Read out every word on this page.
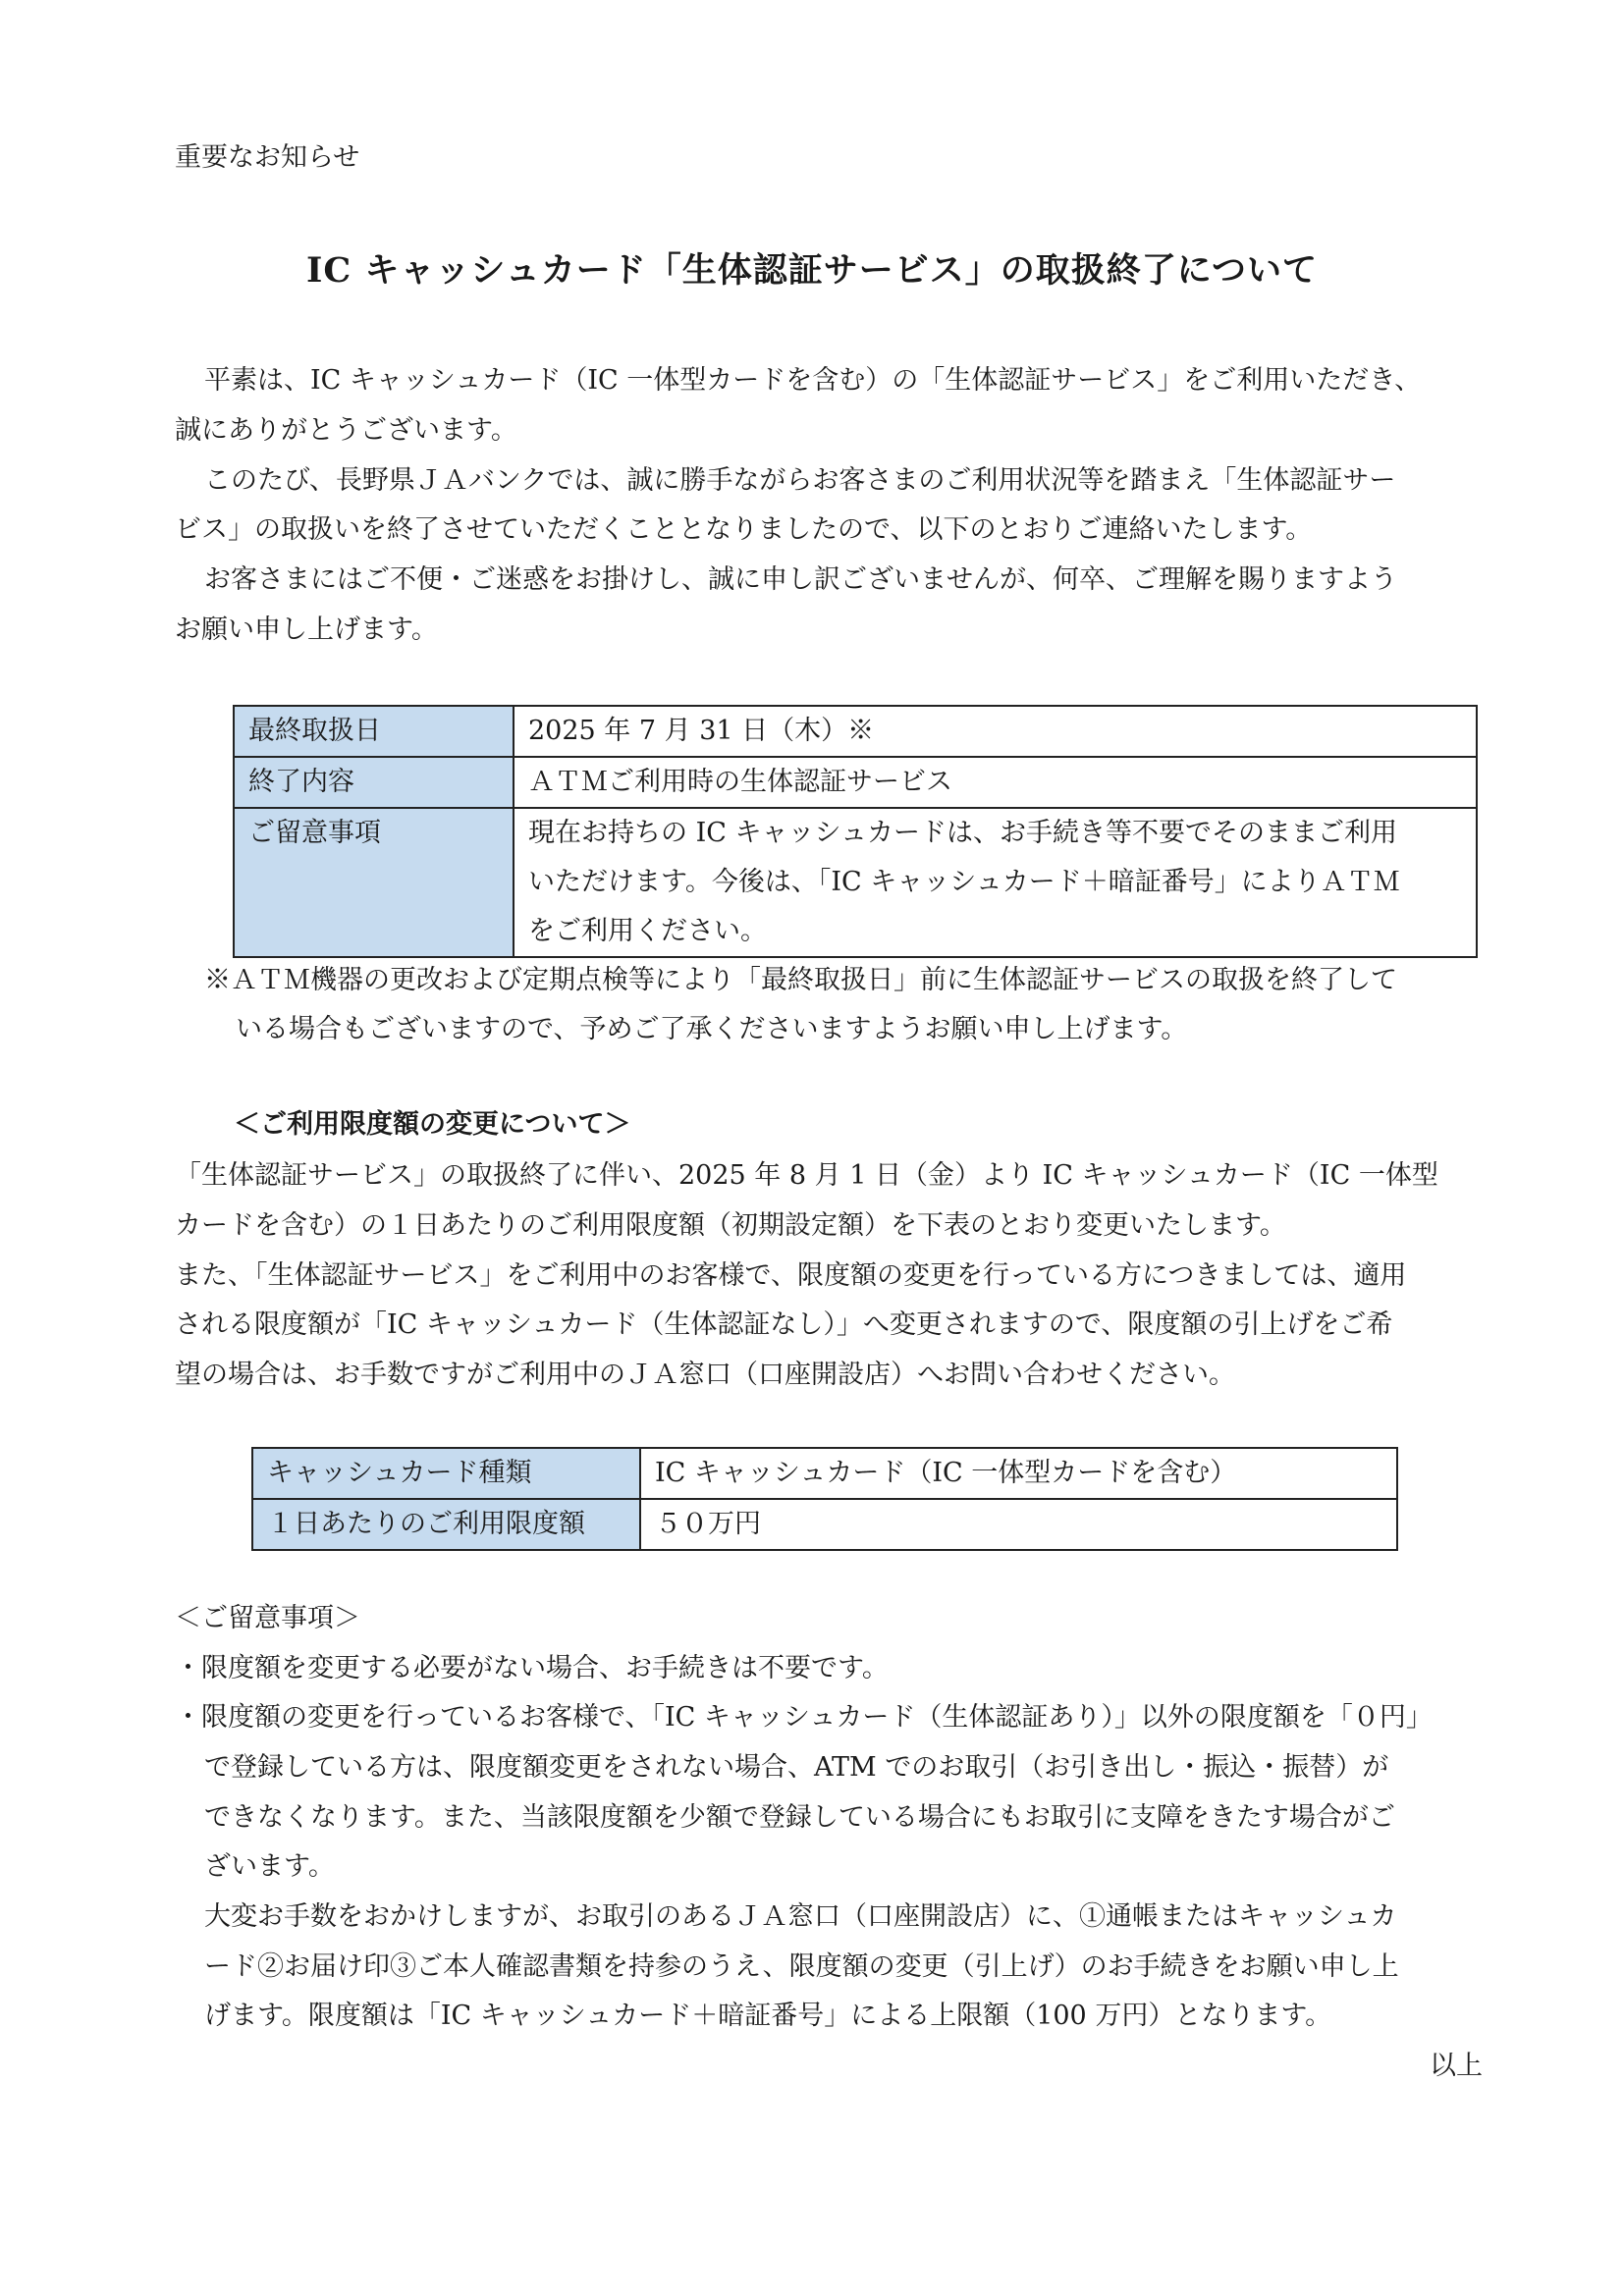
重要なお知らせ
IC キャッシュカード「生体認証サービス」の取扱終了について
平素は、IC キャッシュカード（IC 一体型カードを含む）の「生体認証サービス」をご利用いただき、
誠にありがとうございます。
このたび、長野県ＪＡバンクでは、誠に勝手ながらお客さまのご利用状況等を踏まえ「生体認証サー
ビス」の取扱いを終了させていただくこととなりましたので、以下のとおりご連絡いたします。
お客さまにはご不便・ご迷惑をお掛けし、誠に申し訳ございませんが、何卒、ご理解を賜りますよう
お願い申し上げます。
最終取扱日	2025 年 7 月 31 日（木）※
終了内容	ＡＴＭご利用時の生体認証サービス
ご留意事項	現在お持ちの IC キャッシュカードは、お手続き等不要でそのままご利用
いただけます。今後は、「IC キャッシュカード＋暗証番号」によりＡＴＭ
をご利用ください。
※ＡＴＭ機器の更改および定期点検等により「最終取扱日」前に生体認証サービスの取扱を終了して
いる場合もございますので、予めご了承くださいますようお願い申し上げます。
＜ご利用限度額の変更について＞
「生体認証サービス」の取扱終了に伴い、2025 年 8 月 1 日（金）より IC キャッシュカード（IC 一体型
カードを含む）の１日あたりのご利用限度額（初期設定額）を下表のとおり変更いたします。
また、「生体認証サービス」をご利用中のお客様で、限度額の変更を行っている方につきましては、適用
される限度額が「IC キャッシュカード（生体認証なし）」へ変更されますので、限度額の引上げをご希
望の場合は、お手数ですがご利用中のＪＡ窓口（口座開設店）へお問い合わせください。
キャッシュカード種類	IC キャッシュカード（IC 一体型カードを含む）
１日あたりのご利用限度額	５０万円
＜ご留意事項＞
・限度額を変更する必要がない場合、お手続きは不要です。
・限度額の変更を行っているお客様で、「IC キャッシュカード（生体認証あり）」以外の限度額を「０円」
で登録している方は、限度額変更をされない場合、ATM でのお取引（お引き出し・振込・振替）が
できなくなります。また、当該限度額を少額で登録している場合にもお取引に支障をきたす場合がご
ざいます。
大変お手数をおかけしますが、お取引のあるＪＡ窓口（口座開設店）に、①通帳またはキャッシュカ
ード②お届け印③ご本人確認書類を持参のうえ、限度額の変更（引上げ）のお手続きをお願い申し上
げます。限度額は「IC キャッシュカード＋暗証番号」による上限額（100 万円）となります。
以上
